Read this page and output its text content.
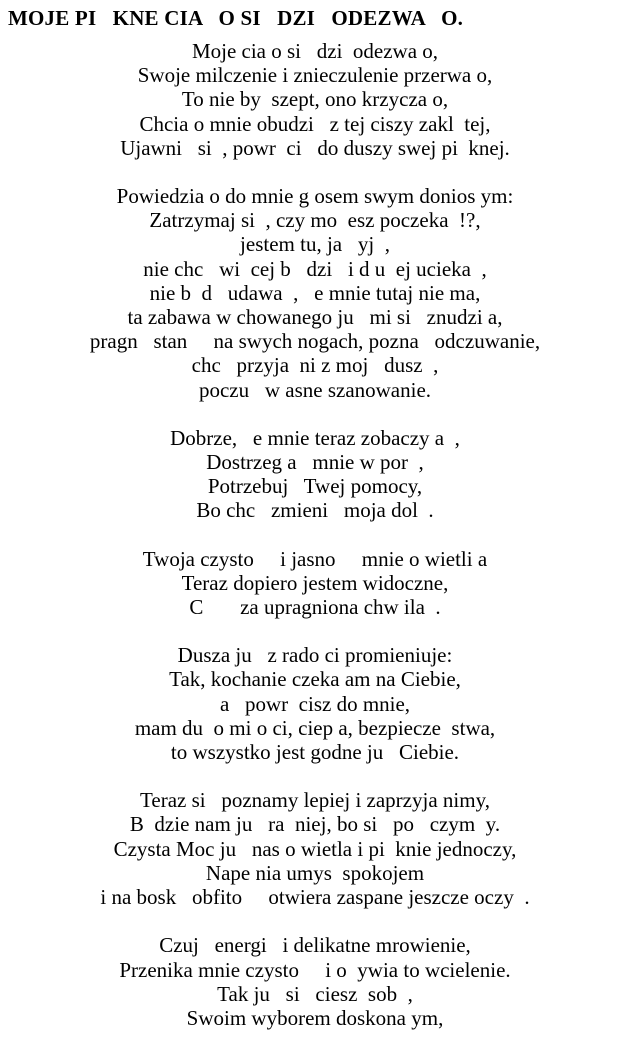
MOJE PI   KNE CIA   O SI   DZI   ODEZWA   O.
Moje cia o si   dzi  odezwa o,
Swoje milczenie i znieczulenie przerwa o,
To nie by  szept, ono krzycza o,
Chcia o mnie obudzi   z tej ciszy zakl  tej,
Ujawni   si  , powr  ci   do duszy swej pi  knej.
Powiedzia o do mnie g osem swym donios ym:
Zatrzymaj si  , czy mo  esz poczeka  !?,
jestem tu, ja   yj  ,
nie chc   wi  cej b   dzi   i d u  ej ucieka  ,
nie b  d   udawa  ,   e mnie tutaj nie ma,
ta zabawa w chowanego ju   mi si   znudzi a,
pragn   stan     na swych nogach, pozna   odczuwanie,
chc   przyja  ni z moj   dusz  ,
poczu   w asne szanowanie.
Dobrze,   e mnie teraz zobaczy a  ,
Dostrzeg a   mnie w por  ,
Potrzebuj   Twej pomocy,
Bo chc   zmieni   moja dol  .
Twoja czysto     i jasno     mnie o wietli a
Teraz dopiero jestem widoczne,
C       za upragniona chw ila  .
Dusza ju   z rado ci promieniuje:
Tak, kochanie czeka am na Ciebie,
a   powr  cisz do mnie,
mam du  o mi o ci, ciep a, bezpiecze  stwa,
to wszystko jest godne ju   Ciebie.
Teraz si   poznamy lepiej i zaprzyja nimy,
B  dzie nam ju   ra  niej, bo si   po   czym  y.
Czysta Moc ju   nas o wietla i pi  knie jednoczy,
Nape nia umys  spokojem
i na bosk   obfito     otwiera zaspane jeszcze oczy  .
Czuj   energi   i delikatne mrowienie,
Przenika mnie czysto     i o  ywia to wcielenie.
Tak ju   si   ciesz  sob  ,
Swoim wyborem doskona ym,
